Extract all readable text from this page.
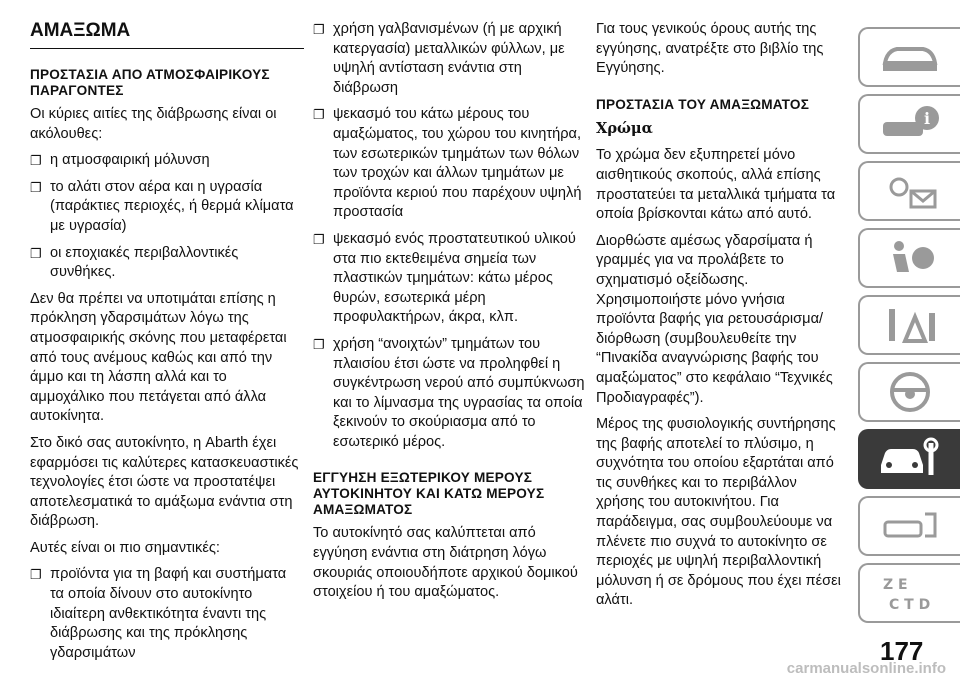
ΑΜΑΞΩΜΑ
ΠΡΟΣΤΑΣΙΑ ΑΠΟ ΑΤΜΟΣΦΑΙΡΙΚΟΥΣ ΠΑΡΑΓΟΝΤΕΣ

Οι κύριες αιτίες της διάβρωσης είναι οι ακόλουθες:

❐ η ατμοσφαιρική μόλυνση
❐ το αλάτι στον αέρα και η υγρασία (παράκτιες περιοχές, ή θερμά κλίματα με υγρασία)
❐ οι εποχιακές περιβαλλοντικές συνθήκες.

Δεν θα πρέπει να υποτιμάται επίσης η πρόκληση γδαρσιμάτων λόγω της ατμοσφαιρικής σκόνης που μεταφέρεται από τους ανέμους καθώς και από την άμμο και τη λάσπη αλλά και το αμμοχάλικο που πετάγεται από άλλα αυτοκίνητα.

Στο δικό σας αυτοκίνητο, η Abarth έχει εφαρμόσει τις καλύτερες κατασκευαστικές τεχνολογίες έτσι ώστε να προστατέψει αποτελεσματικά το αμάξωμα ενάντια στη διάβρωση.

Αυτές είναι οι πιο σημαντικές:

❐ προϊόντα για τη βαφή και συστήματα τα οποία δίνουν στο αυτοκίνητο ιδιαίτερη ανθεκτικότητα έναντι της διάβρωσης και της πρόκλησης γδαρσιμάτων
❐ χρήση γαλβανισμένων (ή με αρχική κατεργασία) μεταλλικών φύλλων, με υψηλή αντίσταση ενάντια στη διάβρωση
❐ ψεκασμό του κάτω μέρους του αμαξώματος, του χώρου του κινητήρα, των εσωτερικών τμημάτων των θόλων των τροχών και άλλων τμημάτων με προϊόντα κεριού που παρέχουν υψηλή προστασία
❐ ψεκασμό ενός προστατευτικού υλικού στα πιο εκτεθειμένα σημεία των πλαστικών τμημάτων: κάτω μέρος θυρών, εσωτερικά μέρη προφυλακτήρων, άκρα, κλπ.
❐ χρήση “ανοιχτών” τμημάτων του πλαισίου έτσι ώστε να προληφθεί η συγκέντρωση νερού από συμπύκνωση και το λίμνασμα της υγρασίας τα οποία ξεκινούν το σκούριασμα από το εσωτερικό μέρος.
ΕΓΓΥΗΣΗ ΕΞΩΤΕΡΙΚΟΥ ΜΕΡΟΥΣ ΑΥΤΟΚΙΝΗΤΟΥ ΚΑΙ ΚΑΤΩ ΜΕΡΟΥΣ ΑΜΑΞΩΜΑΤΟΣ

Το αυτοκίνητό σας καλύπτεται από εγγύηση ενάντια στη διάτρηση λόγω σκουριάς οποιουδήποτε αρχικού δομικού στοιχείου ή του αμαξώματος.

Για τους γενικούς όρους αυτής της εγγύησης, ανατρέξτε στο βιβλίο της Εγγύησης.

ΠΡΟΣΤΑΣΙΑ ΤΟΥ ΑΜΑΞΩΜΑΤΟΣ
Χρώμα

Το χρώμα δεν εξυπηρετεί μόνο αισθητικούς σκοπούς, αλλά επίσης προστατεύει τα μεταλλικά τμήματα τα οποία βρίσκονται κάτω από αυτό.

Διορθώστε αμέσως γδαρσίματα ή γραμμές για να προλάβετε το σχηματισμό οξείδωσης. Χρησιμοποιήστε μόνο γνήσια προϊόντα βαφής για ρετουσάρισμα/διόρθωση (συμβουλευθείτε την “Πινακίδα αναγνώρισης βαφής του αμαξώματος” στο κεφάλαιο “Τεχνικές Προδιαγραφές”).

Μέρος της φυσιολογικής συντήρησης της βαφής αποτελεί το πλύσιμο, η συχνότητα του οποίου εξαρτάται από τις συνθήκες και το περιβάλλον χρήσης του αυτοκινήτου. Για παράδειγμα, σας συμβουλεύουμε να πλένετε πιο συχνά το αυτοκίνητο σε περιοχές με υψηλή περιβαλλοντική μόλυνση ή σε δρόμους που έχει πέσει αλάτι.

i
Z E
C T D
177
carmanualsonline.info
